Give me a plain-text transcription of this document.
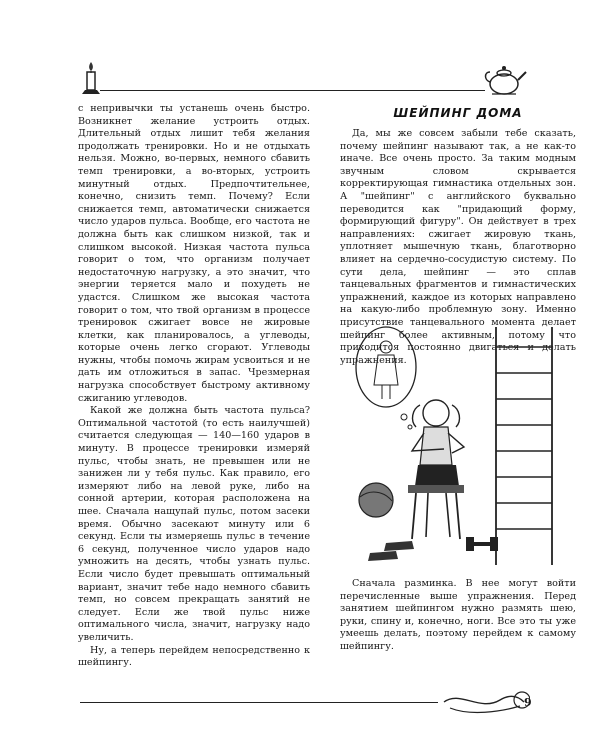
с непривычки ты устанешь очень быстро. Возникнет желание устроить отдых. Длительный отдых лишит тебя желания продолжать тренировки. Но и не отдыхать нельзя. Можно, во-первых, немного сбавить темп тренировки, а во-вторых, устроить минутный отдых. Предпочтительнее, конечно, снизить темп. Почему? Если снижается темп, автоматически снижается число ударов пульса. Вообще, его частота не должна быть как слишком низкой, так и слишком высокой. Низкая частота пульса говорит о том, что организм получает недостаточную нагрузку, а это значит, что энергии теряется мало и похудеть не удастся. Слишком же высокая частота говорит о том, что твой организм в процессе тренировок сжигает вовсе не жировые клетки, как планировалось, а углеводы, которые очень легко сгорают. Углеводы нужны, чтобы помочь жирам усвоиться и не дать им отложиться в запас. Чрезмерная нагрузка способствует быстрому активному сжиганию углеводов.

Какой же должна быть частота пульса? Оптимальной частотой (то есть наилучшей) считается следующая — 140—160 ударов в минуту. В процессе тренировки измеряй пульс, чтобы знать, не превышен или не занижен ли у тебя пульс. Как правило, его измеряют либо на левой руке, либо на сонной артерии, которая расположена на шее. Сначала нащупай пульс, потом засеки время. Обычно засекают минуту или 6 секунд. Если ты измеряешь пульс в течение 6 секунд, полученное число ударов надо умножить на десять, чтобы узнать пульс. Если число будет превышать оптимальный вариант, значит тебе надо немного сбавить темп, но совсем прекращать занятий не следует. Если же твой пульс ниже оптимального числа, значит, нагрузку надо увеличить.

Ну, а теперь перейдем непосредственно к шейпингу.

ШЕЙПИНГ ДОМА

Да, мы же совсем забыли тебе сказать, почему шейпинг называют так, а не как-то иначе. Все очень просто. За таким модным звучным словом скрывается корректирующая гимнастика отдельных зон. А "шейпинг" с английского буквально переводится как "придающий форму, формирующий фигуру". Он действует в трех направлениях: сжигает жировую ткань, уплотняет мышечную ткань, благотворно влияет на сердечно-сосудистую систему. По сути дела, шейпинг — это сплав танцевальных фрагментов и гимнастических упражнений, каждое из которых направлено на какую-либо проблемную зону. Именно присутствие танцевального момента делает шейпинг более активным, потому что приходится постоянно двигаться и делать упражнения.

Сначала разминка. В нее могут войти перечисленные выше упражнения. Перед занятием шейпингом нужно размять шею, руки, спину и, конечно, ноги. Все это ты уже умеешь делать, поэтому перейдем к самому шейпингу.

9
